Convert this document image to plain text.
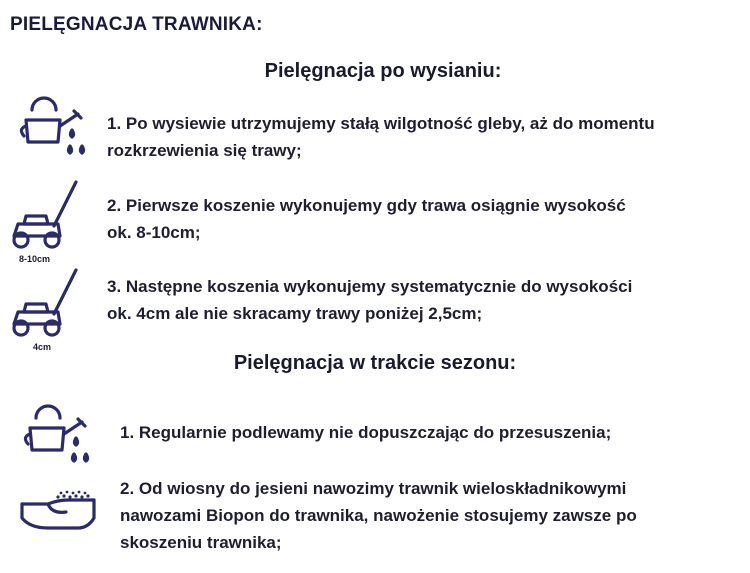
PIELĘGNACJA TRAWNIKA:
Pielęgnacja po wysianiu:
1. Po wysiewie utrzymujemy stałą wilgotność gleby, aż do momentu
rozkrzewienia się trawy;
8-10cm
2. Pierwsze koszenie wykonujemy gdy trawa osiągnie wysokość
ok. 8-10cm;
4cm
3. Następne koszenia wykonujemy systematycznie do wysokości
ok. 4cm ale nie skracamy trawy poniżej 2,5cm;
Pielęgnacja w trakcie sezonu:
1. Regularnie podlewamy nie dopuszczając do przesuszenia;
2. Od wiosny do jesieni nawozimy trawnik wieloskładnikowymi
nawozami Biopon do trawnika, nawożenie stosujemy zawsze po
skoszeniu trawnika;
